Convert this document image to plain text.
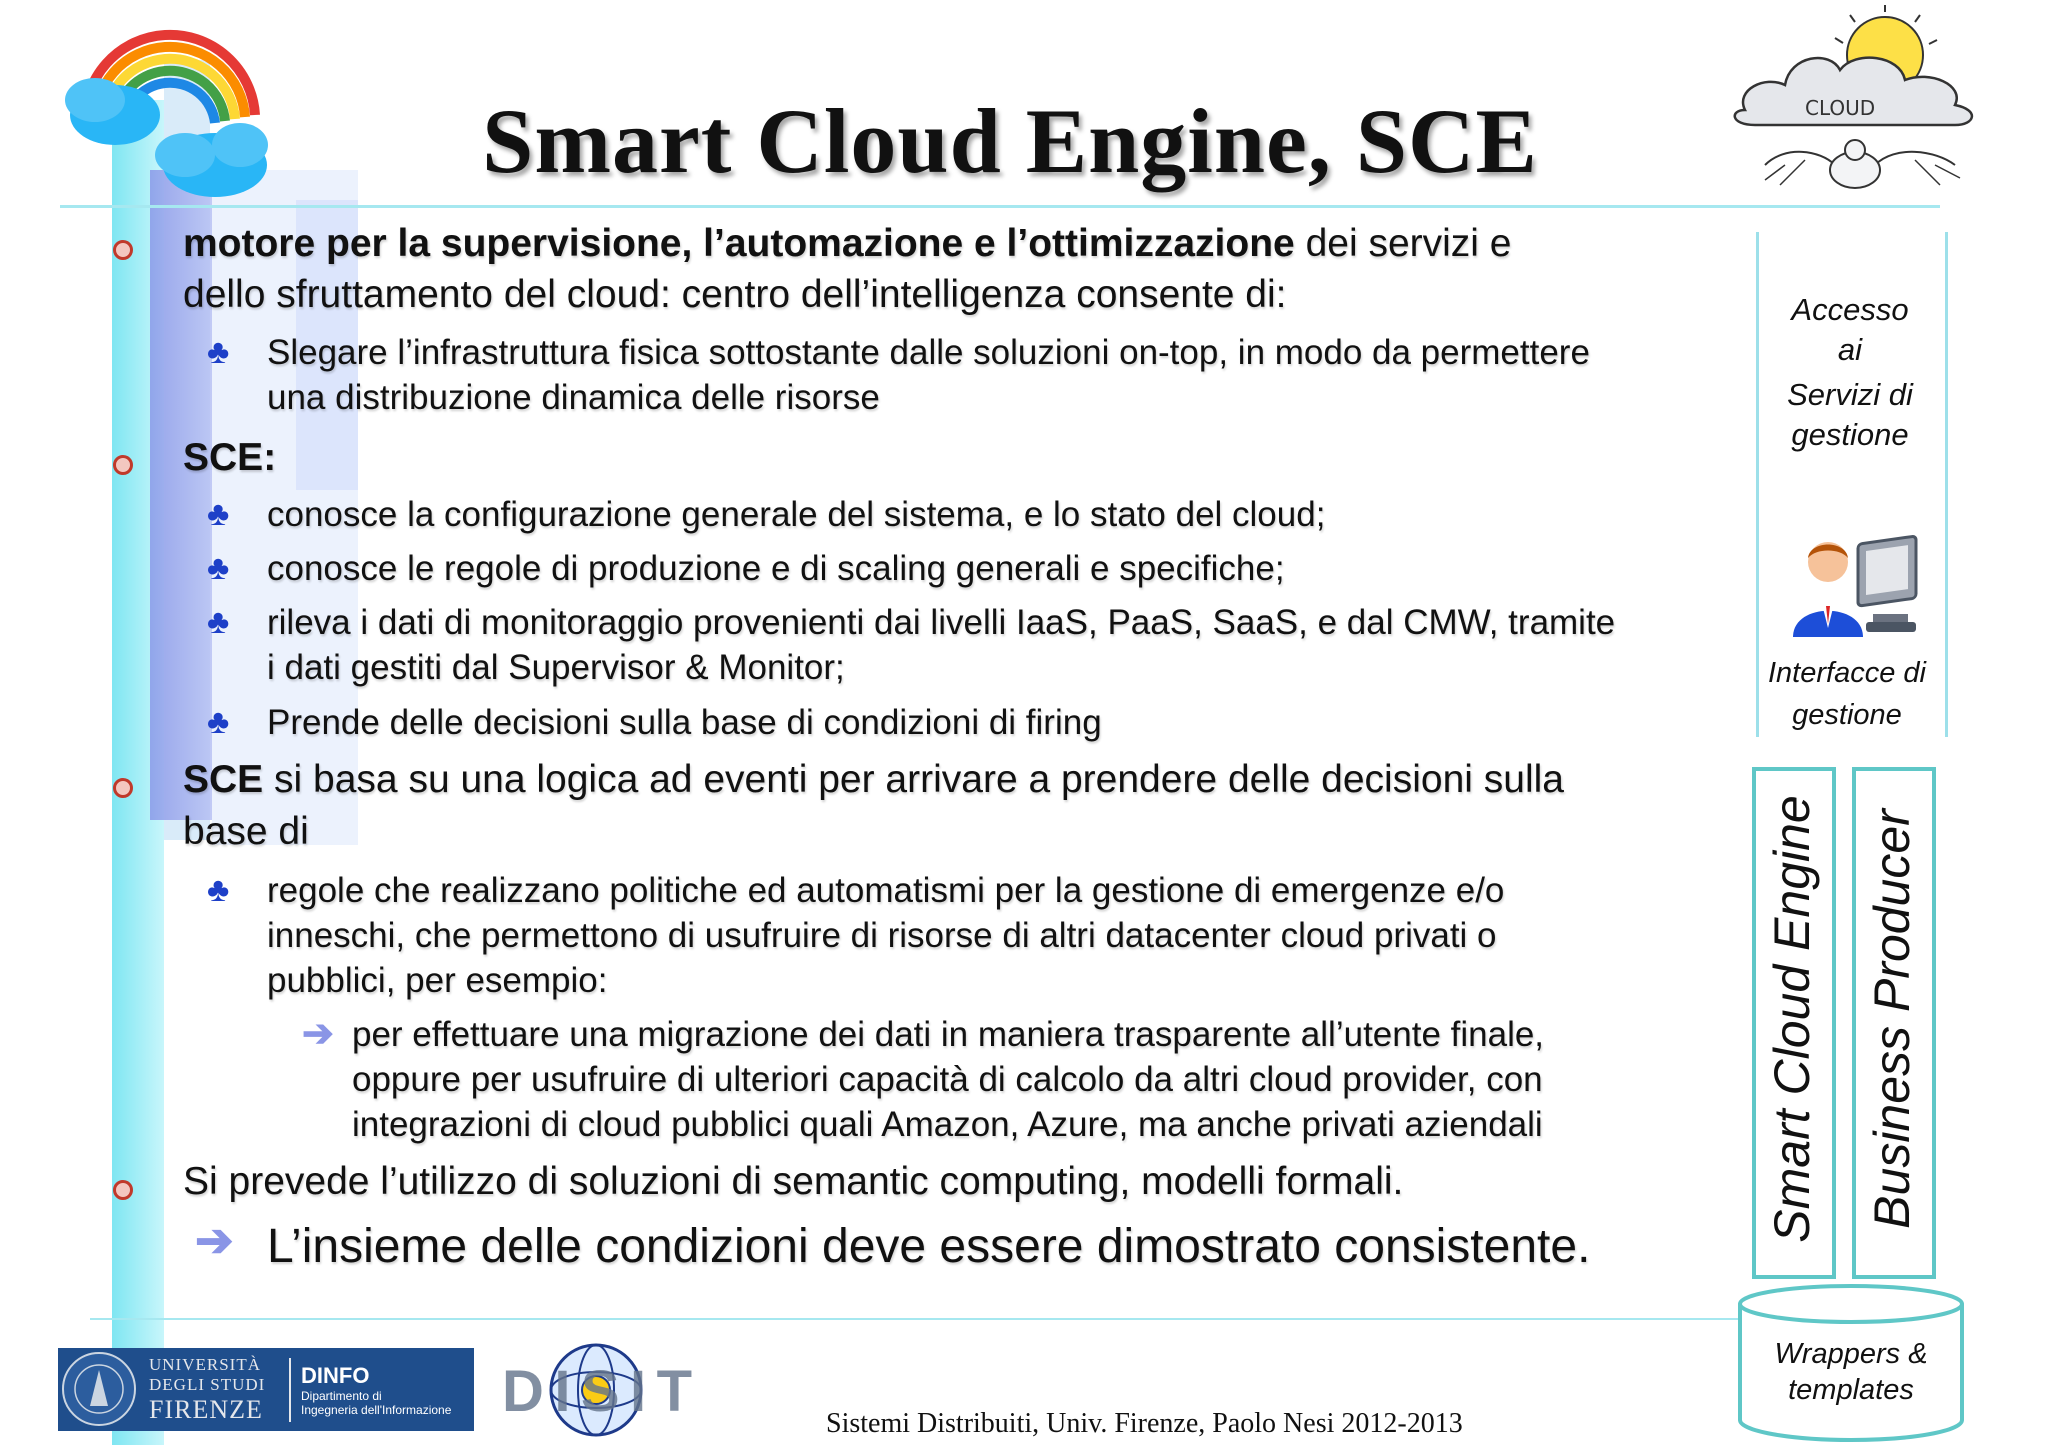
CLOUD
Smart Cloud Engine, SCE
motore per la supervisione, l’automazione e l’ottimizzazione dei servizi e
dello sfruttamento del cloud: centro dell’intelligenza consente di:
♣ Slegare l’infrastruttura fisica sottostante dalle soluzioni on-top, in modo da permettere
una distribuzione dinamica delle risorse
SCE:
♣ conosce la configurazione generale del sistema, e lo stato del cloud;
♣ conosce le regole di produzione e di scaling generali e specifiche;
♣ rileva i dati di monitoraggio provenienti dai livelli IaaS, PaaS, SaaS, e dal CMW, tramite
i dati gestiti dal Supervisor & Monitor;
♣ Prende delle decisioni sulla base di condizioni di firing
SCE si basa su una logica ad eventi per arrivare a prendere delle decisioni sulla
base di
♣ regole che realizzano politiche ed automatismi per la gestione di emergenze e/o
inneschi, che permettono di usufruire di risorse di altri datacenter cloud privati o
pubblici, per esempio:
➔ per effettuare una migrazione dei dati in maniera trasparente all’utente finale,
oppure per usufruire di ulteriori capacità di calcolo da altri cloud provider, con
integrazioni di cloud pubblici quali Amazon, Azure, ma anche privati aziendali
Si prevede l’utilizzo di soluzioni di semantic computing, modelli formali.
➔ L’insieme delle condizioni deve essere dimostrato consistente.
Accesso
ai
Servizi di
gestione
Interfacce di
gestione
Smart Cloud Engine Business Producer
Wrappers &
templates
UNIVERSITÀ
DEGLI STUDI
FIRENZE
DINFO
Dipartimento di
Ingegneria dell'Informazione DISIT	Sistemi Distribuiti, Univ. Firenze, Paolo Nesi 2012-2013
